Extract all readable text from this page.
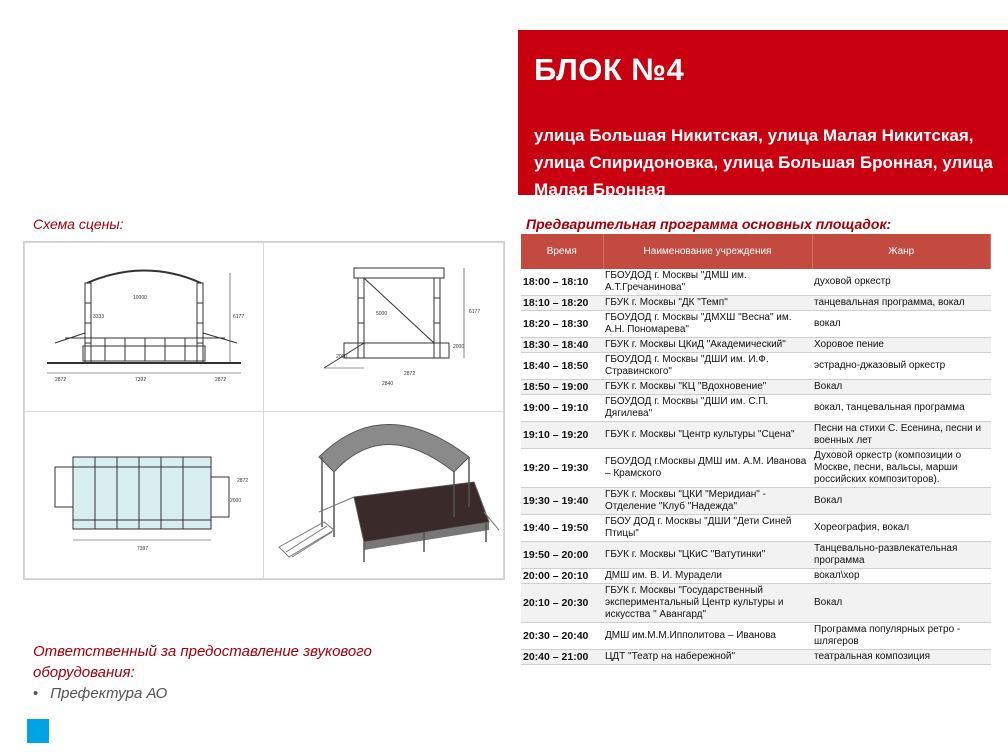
БЛОК №4
улица Большая Никитская, улица Малая Никитская, улица Спиридоновка, улица Большая Бронная, улица Малая Бронная
Схема сцены:	Предварительная программа основных площадок:
10000
6177
3333
2872	7392	2872
5000	6177
2000
2000
2872
2840
2872
2000
7397
Время	Наименование учреждения	Жанр
18:00 – 18:10	ГБОУДОД г. Москвы "ДМШ им. А.Т.Гречанинова"	духовой оркестр
18:10 – 18:20	ГБУК г. Москвы "ДК "Темп"	танцевальная программа, вокал
18:20 – 18:30	ГБОУДОД г. Москвы "ДМХШ "Весна" им. А.Н. Пономарева"	вокал
18:30 – 18:40	ГБУК г. Москвы ЦКиД "Академический"	Хоровое пение
18:40 – 18:50	ГБОУДОД г. Москвы "ДШИ им. И.Ф. Стравинского"	эстрадно-джазовый оркестр
18:50 – 19:00	ГБУК г. Москвы "КЦ "Вдохновение"	Вокал
19:00 – 19:10	ГБОУДОД г. Москвы "ДШИ им. С.П. Дягилева"	вокал, танцевальная программа
19:10 – 19:20	ГБУК г. Москвы "Центр культуры "Сцена"	Песни на стихи С. Есенина, песни и военных лет
19:20 – 19:30	ГБОУДОД г.Москвы ДМШ им. А.М. Иванова – Крамского	Духовой оркестр (композиции о Москве, песни, вальсы, марши российских композиторов).
19:30 – 19:40	ГБУК г. Москвы "ЦКИ "Меридиан" - Отделение "Клуб "Надежда"	Вокал
19:40 – 19:50	ГБОУ ДОД г. Москвы "ДШИ "Дети Синей Птицы"	Хореография, вокал
19:50 – 20:00	ГБУК г. Москвы "ЦКиС "Ватутинки"	Танцевально-развлекательная программа
20:00 – 20:10	ДМШ им. В. И. Мурадели	вокал\хор
20:10 – 20:30	ГБУК г. Москвы "Государственный экспериментальный Центр культуры и искусства " Авангард"	Вокал
20:30 – 20:40	ДМШ им.М.М.Ипполитова – Иванова	Программа популярных ретро - шлягеров
20:40 – 21:00	ЦДТ "Театр на набережной"	театральная композиция
Ответственный за предоставление звукового оборудования:
• Префектура АО
